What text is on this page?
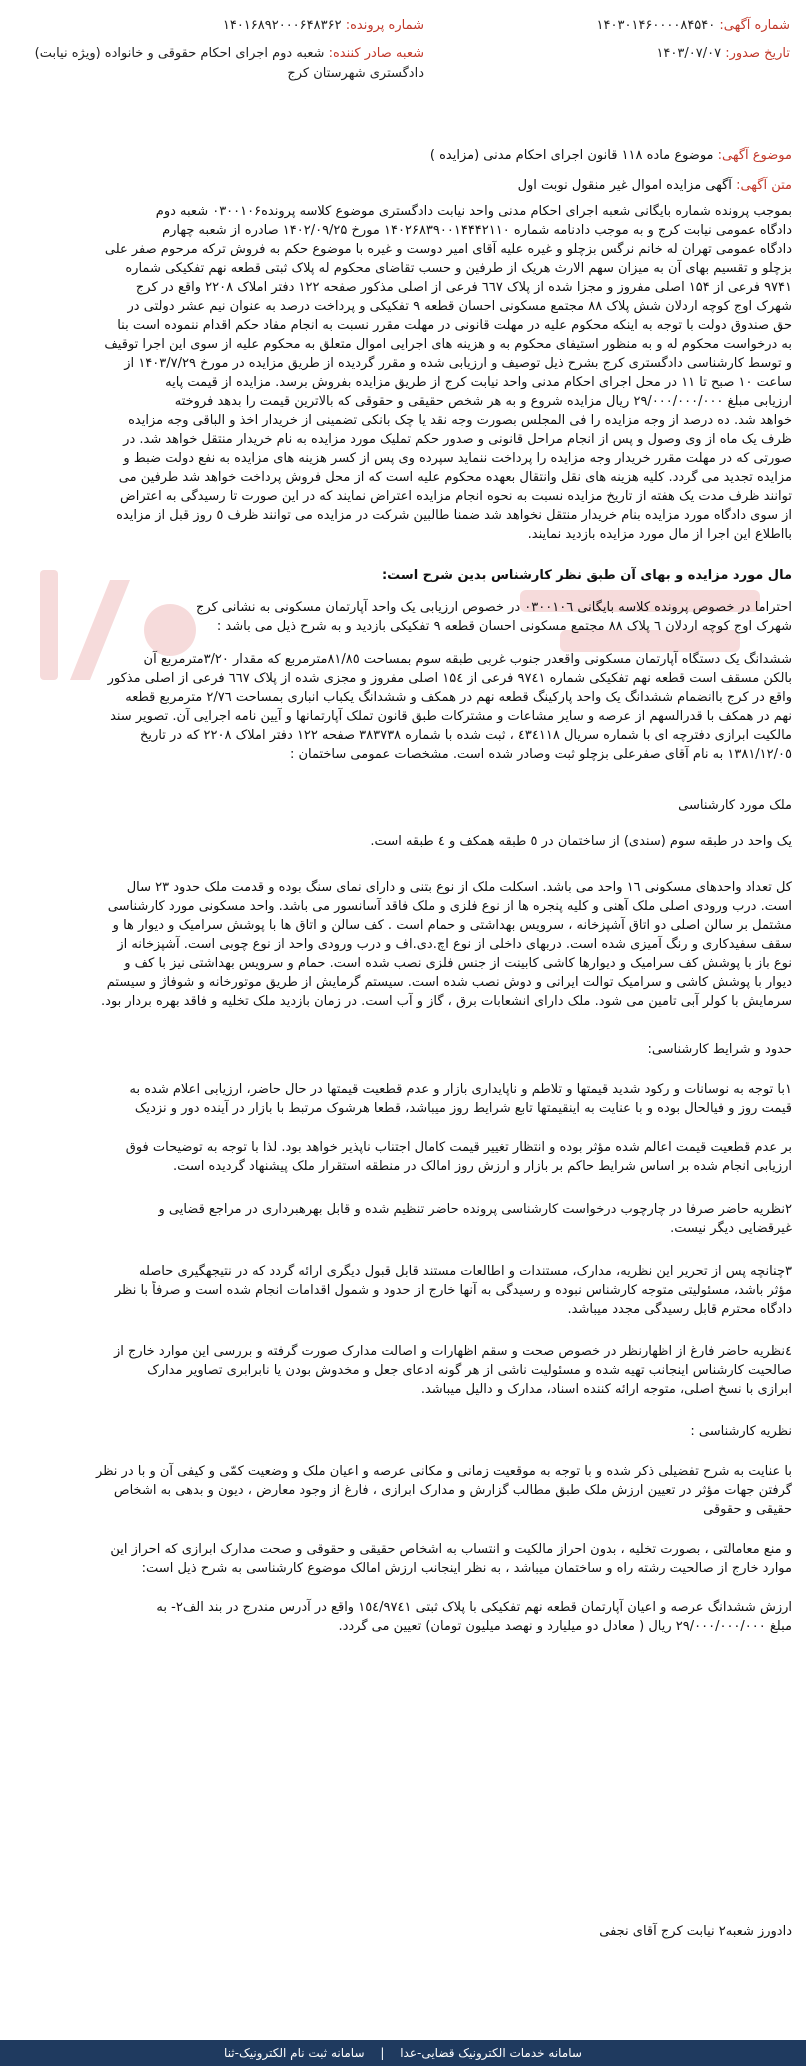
شماره آگهی: ۱۴۰۳۰۱۴۶۰۰۰۰۸۴۵۴۰
شماره پرونده: ۱۴۰۱۶۸۹۲۰۰۰۶۴۸۳۶۲
تاریخ صدور: ۱۴۰۳/۰۷/۰۷
شعبه صادر کننده: شعبه دوم اجرای احکام حقوقی و خانواده (ویژه نیابت)
دادگستری شهرستان کرج
موضوع آگهی: موضوع ماده ۱۱۸ قانون اجرای احکام مدنی (مزایده )
متن آگهی: آگهی مزایده اموال غیر منقول نوبت اول
بموجب پرونده شماره بایگانی شعبه اجرای احکام مدنی واحد نیابت دادگستری موضوع کلاسه پرونده۰۳۰۰۱۰۶ شعبه دوم
دادگاه عمومی نیابت کرج و به موجب دادنامه شماره ۱۴۰۲۶۸۳۹۰۰۱۴۴۴۲۱۱۰ مورخ ۱۴۰۲/۰۹/۲۵ صادره از شعبه چهارم
دادگاه عمومی تهران له خانم نرگس بزچلو و غیره علیه آقای امیر دوست و غیره با موضوع حکم به فروش ترکه مرحوم صفر علی
بزچلو و تقسیم بهای آن به میزان سهم الارث هریک از طرفین و حسب تقاضای محکوم له پلاک ثبتی قطعه نهم تفکیکی شماره
۹۷۴۱ فرعی از ۱۵۴ اصلی مفروز و مجزا شده از پلاک ٦٦٧ فرعی از اصلی مذکور صفحه ۱۲۲ دفتر املاک ۲۲۰۸ واقع در کرج
شهرک اوج کوچه اردلان شش پلاک ۸۸ مجتمع مسکونی احسان قطعه ۹ تفکیکی و پرداخت درصد به عنوان نیم عشر دولتی در
حق صندوق دولت با توجه به اینکه محکوم علیه در مهلت قانونی در مهلت مقرر نسبت به انجام مفاد حکم اقدام ننموده است بنا
به درخواست محکوم له و به منظور استیفای محکوم به و هزینه های اجرایی اموال متعلق به محکوم علیه از سوی این اجرا توقیف
و توسط کارشناسی دادگستری کرج بشرح ذیل توصیف و ارزیابی شده و مقرر گردیده از طریق مزایده در مورخ ۱۴۰۳/۷/۲۹ از
ساعت ۱۰ صبح تا ۱۱ در محل اجرای احکام مدنی واحد نیابت کرج از طریق مزایده بفروش برسد. مزایده از قیمت پایه
ارزیابی مبلغ ۲۹/۰۰۰/۰۰۰/۰۰۰ ریال مزایده شروع و به هر شخص حقیقی و حقوقی که بالاترین قیمت را بدهد فروخته
خواهد شد. ده درصد از وجه مزایده را فی المجلس بصورت وجه نقد یا چک بانکی تضمینی از خریدار اخذ و الباقی وجه مزایده
ظرف یک ماه از وی وصول و پس از انجام مراحل قانونی و صدور حکم تملیک مورد مزایده به نام خریدار منتقل خواهد شد. در
صورتی که در مهلت مقرر خریدار وجه مزایده را پرداخت ننماید سپرده وی پس از کسر هزینه های مزایده به نفع دولت ضبط و
مزایده تجدید می گردد. کلیه هزینه های نقل وانتقال بعهده محکوم علیه است که از محل فروش پرداخت خواهد شد طرفین می
توانند ظرف مدت یک هفته از تاریخ مزایده نسبت به نحوه انجام مزایده اعتراض نمایند که در این صورت تا رسیدگی به اعتراض
از سوی دادگاه مورد مزایده بنام خریدار منتقل نخواهد شد ضمنا طالبین شرکت در مزایده می توانند ظرف ٥ روز قبل از مزایده
بااطلاع این اجرا از مال مورد مزایده بازدید نمایند.
مال مورد مزایده و بهای آن طبق نظر کارشناس بدین شرح است:
احتراما در خصوص پرونده کلاسه بایگانی ۰۳۰۰۱۰٦ در خصوص ارزیابی یک واحد آپارتمان مسکونی به نشانی کرج
شهرک اوج کوچه اردلان ٦ پلاک ۸۸ مجتمع مسکونی احسان قطعه ۹ تفکیکی بازدید و به شرح ذیل می باشد :
ششدانگ یک دستگاه آپارتمان مسکونی واقعدر جنوب غربی طبقه سوم بمساحت ۸۱/۸٥مترمربع که مقدار ۳/۲۰مترمربع آن
بالکن مسقف است قطعه نهم تفکیکی شماره ۹۷٤۱ فرعی از ۱۵٤ اصلی مفروز و مجزی شده از پلاک ٦٦۷ فرعی از اصلی مذکور
واقع در کرج باانضمام ششدانگ یک واحد پارکینگ قطعه نهم در همکف و ششدانگ یکباب انباری بمساحت ۲/۷٦ مترمربع قطعه
نهم در همکف با قدرالسهم از عرصه و سایر مشاعات و مشترکات طبق قانون تملک آپارتمانها و آیین نامه اجرایی آن. تصویر سند
مالکیت ابرازی دفترچه ای با شماره سریال ٤٣٤١١٨ ، ثبت شده با شماره ۳۸۳۷۳۸ صفحه ۱۲۲ دفتر املاک ۲۲۰۸ که در تاریخ
۱۳۸۱/۱۲/۰٥ به نام آقای صفرعلی بزچلو ثبت وصادر شده است. مشخصات عمومی ساختمان :
ملک مورد کارشناسی
یک واحد در طبقه سوم (سندی) از ساختمان در ٥ طبقه همکف و ٤ طبقه است.
کل تعداد واحدهای مسکونی ١٦ واحد می باشد. اسکلت ملک از نوع بتنی و دارای نمای سنگ بوده و قدمت ملک حدود ۲۳ سال
است. درب ورودی اصلی ملک آهنی و کلیه پنجره ها از نوع فلزی و ملک فاقد آسانسور می باشد. واحد مسکونی مورد کارشناسی
مشتمل بر سالن اصلی دو اتاق آشپزخانه ، سرویس بهداشتی و حمام است . کف سالن و اتاق ها با پوشش سرامیک و دیوار ها و
سقف سفیدکاری و رنگ آمیزی شده است. دربهای داخلی از نوع اچ.دی.اف و درب ورودی واحد از نوع چوبی است. آشپزخانه از
نوع باز با پوشش کف سرامیک و دیوارها کاشی کابینت از جنس فلزی نصب شده است. حمام و سرویس بهداشتی نیز با کف و
دیوار با پوشش کاشی و سرامیک توالت ایرانی و دوش نصب شده است. سیستم گرمایش از طریق موتورخانه و شوفاژ و سیستم
سرمایش با کولر آبی تامین می شود. ملک دارای انشعابات برق ، گاز و آب است. در زمان بازدید ملک تخلیه و فاقد بهره بردار بود.
حدود و شرایط کارشناسی:
۱با توجه به نوسانات و رکود شدید قیمتها و تلاطم و ناپایداری بازار و عدم قطعیت قیمتها در حال حاضر، ارزیابی اعلام شده به
قیمت روز و فیالحال بوده و با عنایت به اینقیمتها تابع شرایط روز میباشد، قطعا هرشوک مرتبط با بازار در آینده دور و نزدیک
بر عدم قطعیت قیمت اعالم شده مؤثر بوده و انتظار تغییر قیمت کامال اجتناب ناپذیر خواهد بود. لذا با توجه به توضیحات فوق
ارزیابی انجام شده بر اساس شرایط حاکم بر بازار و ارزش روز امالک در منطقه استقرار ملک پیشنهاد گردیده است.
۲نظریه حاضر صرفا در چارچوب درخواست کارشناسی پرونده حاضر تنظیم شده و قابل بهرهبرداری در مراجع قضایی و
غیرقضایی دیگر نیست.
۳چنانچه پس از تحریر این نظریه، مدارک، مستندات و اطالعات مستند قابل قبول دیگری ارائه گردد که در نتیجهگیری حاصله
مؤثر باشد، مسئولیتی متوجه کارشناس نبوده و رسیدگی به آنها خارج از حدود و شمول اقدامات انجام شده است و صرفاً با نظر
دادگاه محترم قابل رسیدگی مجدد میباشد.
٤نظریه حاضر فارغ از اظهارنظر در خصوص صحت و سقم اظهارات و اصالت مدارک صورت گرفته و بررسی این موارد خارج از
صالحیت کارشناس اینجانب تهیه شده و مسئولیت ناشی از هر گونه ادعای جعل و مخدوش بودن یا نابرابری تصاویر مدارک
ابرازی با نسخ اصلی، متوجه ارائه کننده اسناد، مدارک و دالیل میباشد.
نظریه کارشناسی :
با عنایت به شرح تفضیلی ذکر شده و با توجه به موقعیت زمانی و مکانی عرصه و اعیان ملک و وضعیت کمّی و کیفی آن و با در نظر
گرفتن جهات مؤثر در تعیین ارزش ملک طبق مطالب گزارش و مدارک ابرازی ، فارغ از وجود معارض ، دیون و بدهی به اشخاص
حقیقی و حقوقی
و منع معامالتی ، بصورت تخلیه ، بدون احراز مالکیت و انتساب به اشخاص حقیقی و حقوقی و صحت مدارک ابرازی که احراز این
موارد خارج از صالحیت رشته راه و ساختمان میباشد ، به نظر اینجانب ارزش امالک موضوع کارشناسی به شرح ذیل است:
ارزش ششدانگ عرصه و اعیان آپارتمان قطعه نهم تفکیکی با پلاک ثبتی ۱٥٤/۹۷٤۱ واقع در آدرس مندرج در بند الف۲- به
مبلغ ۲۹/۰۰۰/۰۰۰/۰۰۰ ریال ( معادل دو میلیارد و نهصد میلیون تومان) تعیین می گردد.
دادورز شعبه۲ نیابت کرج آقای نجفی
سامانه خدمات الکترونیک قضایی-عدا | سامانه ثبت نام الکترونیک-ثنا
